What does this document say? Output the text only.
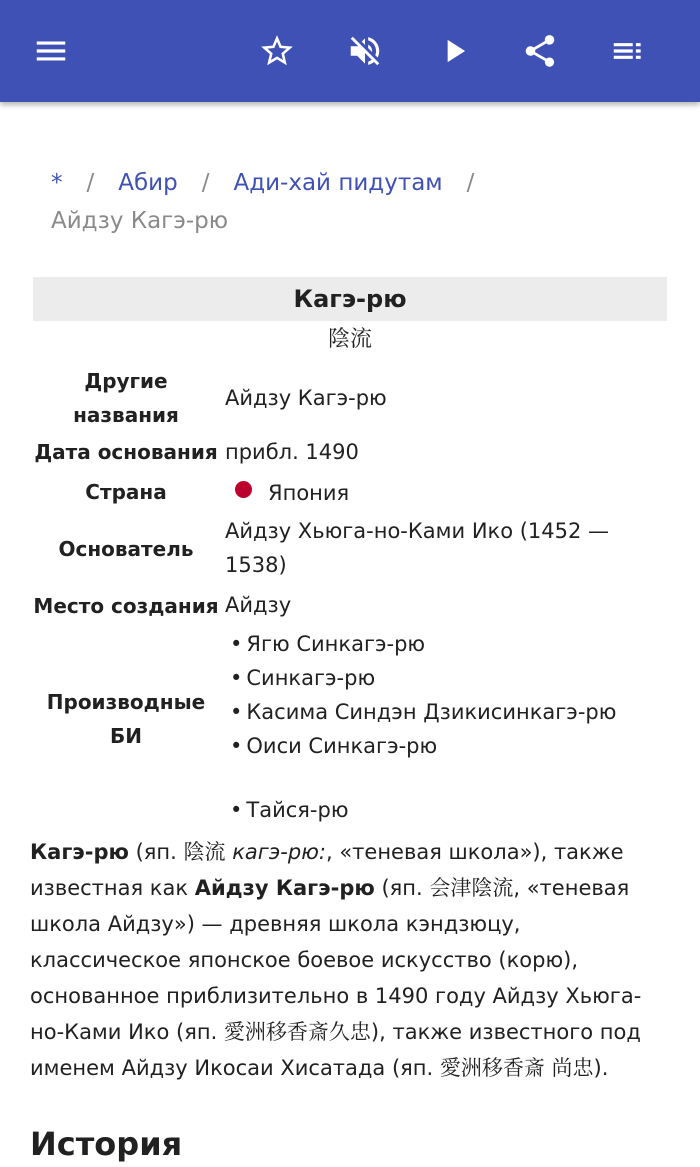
* / Абир / Ади-хай пидутам /
Айдзу Кагэ-рю
Кагэ-рю
陰流
Другие названия
Айдзу Кагэ-рю
Дата основания прибл. 1490
Страна	Япония
Основатель
Айдзу Хьюга-но-Ками Ико (1452 — 1538)
Место создания Айдзу
Производные БИ
• Ягю Синкагэ-рю
• Синкагэ-рю
• Касима Синдэн Дзикисинкагэ-рю
• Оиси Синкагэ-рю
• Тайся-рю

Кагэ-рю (яп. 陰流 кагэ-рю:, «теневая школа»), также известная как Айдзу Кагэ-рю (яп. 会津陰流, «теневая школа Айдзу») — древняя школа кэндзюцу, классическое японское боевое искусство (корю), основанное приблизительно в 1490 году Айдзу Хьюга-но-Ками Ико (яп. 愛洲移香斎久忠), также известного под именем Айдзу Икосаи Хисатада (яп. 愛洲移香斎 尚忠).

История
